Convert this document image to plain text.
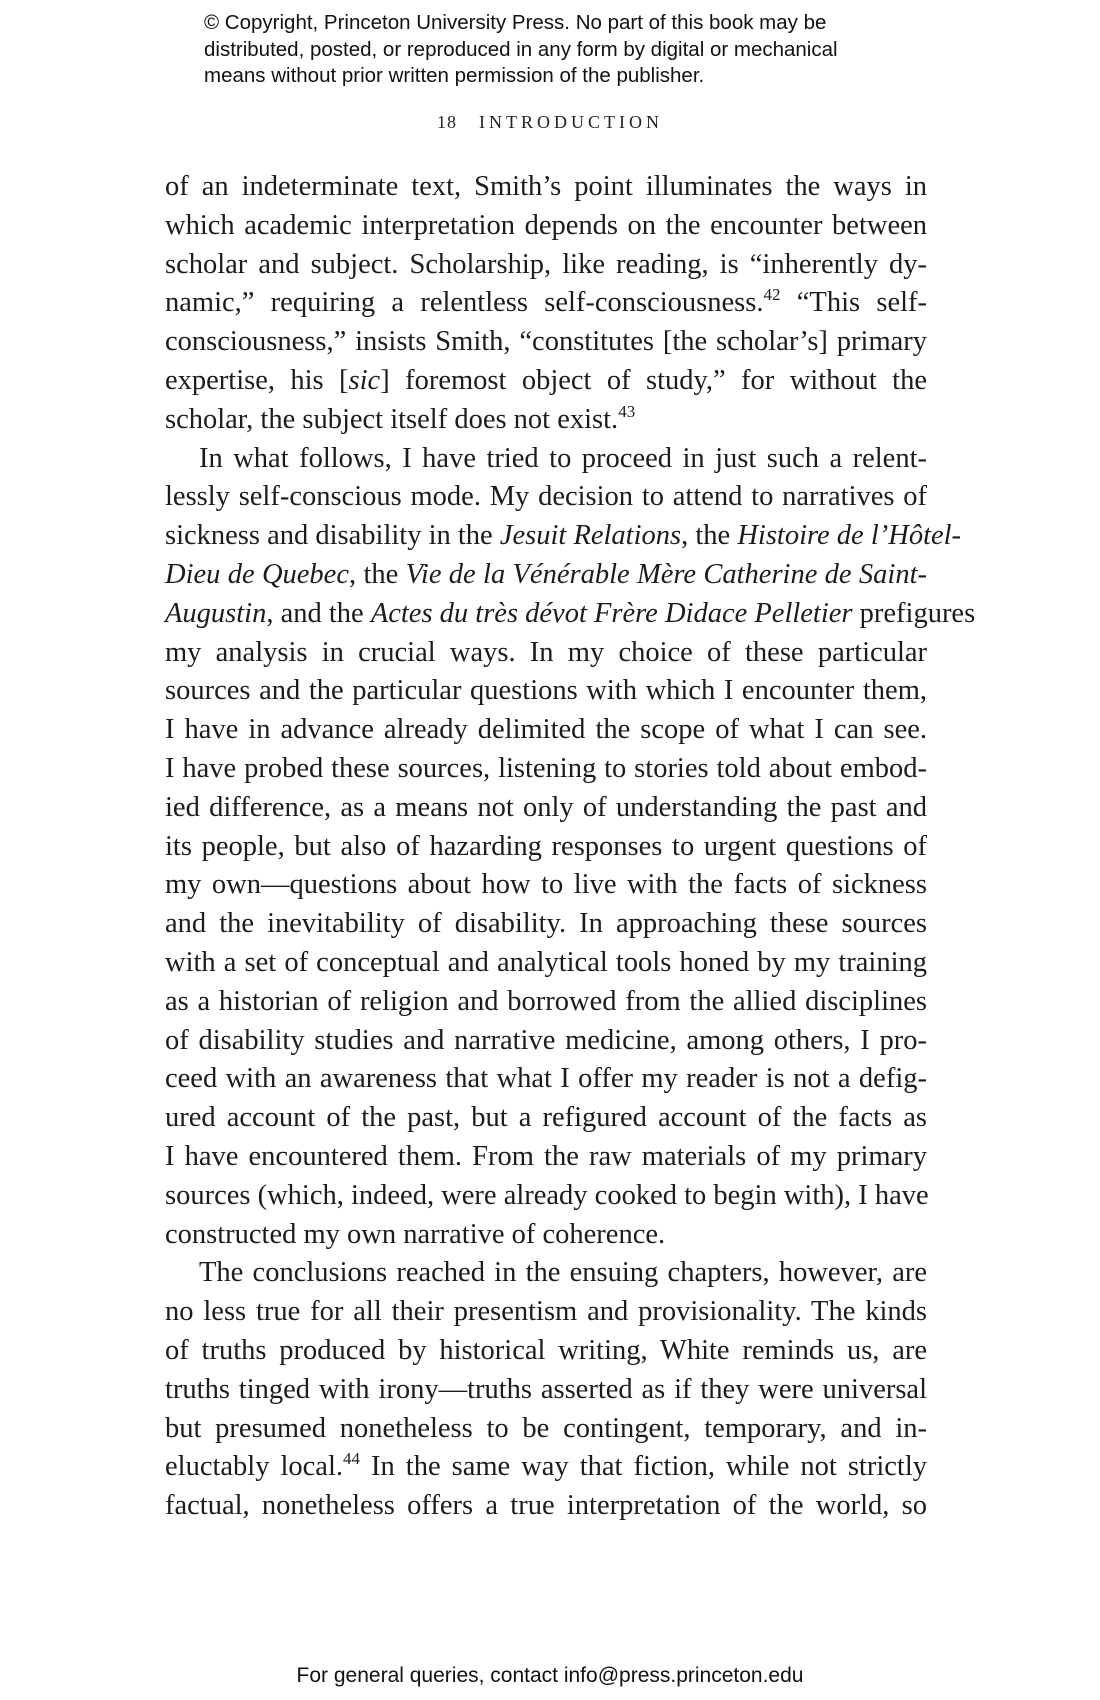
© Copyright, Princeton University Press. No part of this book may be
distributed, posted, or reproduced in any form by digital or mechanical
means without prior written permission of the publisher.
18 INTRODUCTION
of an indeterminate text, Smith’s point illuminates the ways in
which academic interpretation depends on the encounter between
scholar and subject. Scholarship, like reading, is “inherently dy-
namic,” requiring a relentless self-consciousness.$^{42}$ “This self-
consciousness,” insists Smith, “constitutes [the scholar’s] primary
expertise, his [sic] foremost object of study,” for without the
scholar, the subject itself does not exist.$^{43}$
In what follows, I have tried to proceed in just such a relent-
lessly self-conscious mode. My decision to attend to narratives of
sickness and disability in the Jesuit Relations, the Histoire de l’Hôtel-
Dieu de Quebec, the Vie de la Vénérable Mère Catherine de Saint-
Augustin, and the Actes du très dévot Frère Didace Pelletier prefigures
my analysis in crucial ways. In my choice of these particular
sources and the particular questions with which I encounter them,
I have in advance already delimited the scope of what I can see.
I have probed these sources, listening to stories told about embod-
ied difference, as a means not only of understanding the past and
its people, but also of hazarding responses to urgent questions of
my own—questions about how to live with the facts of sickness
and the inevitability of disability. In approaching these sources
with a set of conceptual and analytical tools honed by my training
as a historian of religion and borrowed from the allied disciplines
of disability studies and narrative medicine, among others, I pro-
ceed with an awareness that what I offer my reader is not a defig-
ured account of the past, but a refigured account of the facts as
I have encountered them. From the raw materials of my primary
sources (which, indeed, were already cooked to begin with), I have
constructed my own narrative of coherence.
The conclusions reached in the ensuing chapters, however, are
no less true for all their presentism and provisionality. The kinds
of truths produced by historical writing, White reminds us, are
truths tinged with irony—truths asserted as if they were universal
but presumed nonetheless to be contingent, temporary, and in-
eluctably local.$^{44}$ In the same way that fiction, while not strictly
factual, nonetheless offers a true interpretation of the world, so
For general queries, contact info@press.princeton.edu
